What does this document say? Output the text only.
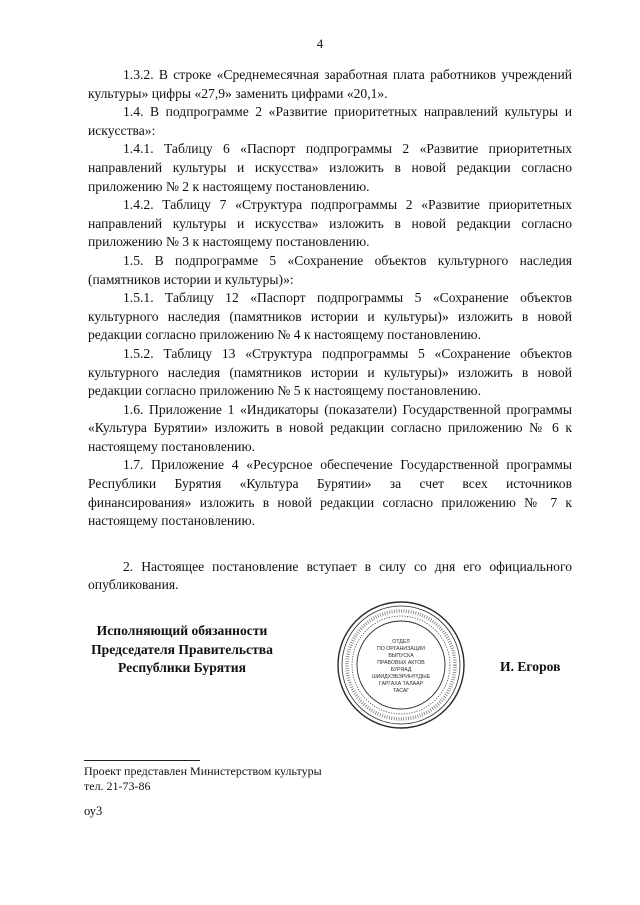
4

1.3.2. В строке «Среднемесячная заработная плата работников учреждений культуры» цифры «27,9» заменить цифрами «20,1».

1.4. В подпрограмме 2 «Развитие приоритетных направлений культуры и искусства»:

1.4.1. Таблицу 6 «Паспорт подпрограммы 2 «Развитие приоритетных направлений культуры и искусства» изложить в новой редакции согласно приложению № 2 к настоящему постановлению.

1.4.2. Таблицу 7 «Структура подпрограммы 2 «Развитие приоритетных направлений культуры и искусства» изложить в новой редакции согласно приложению № 3 к настоящему постановлению.

1.5. В подпрограмме 5 «Сохранение объектов культурного наследия (памятников истории и культуры)»:

1.5.1. Таблицу 12 «Паспорт подпрограммы 5 «Сохранение объектов культурного наследия (памятников истории и культуры)» изложить в новой редакции согласно приложению № 4 к настоящему постановлению.

1.5.2. Таблицу 13 «Структура подпрограммы 5 «Сохранение объектов культурного наследия (памятников истории и культуры)» изложить в новой редакции согласно приложению № 5 к настоящему постановлению.

1.6. Приложение 1 «Индикаторы (показатели) Государственной программы «Культура Бурятии» изложить в новой редакции согласно приложению № 6 к настоящему постановлению.

1.7. Приложение 4 «Ресурсное обеспечение Государственной программы Республики Бурятия «Культура Бурятии» за счет всех источников финансирования» изложить в новой редакции согласно приложению № 7 к настоящему постановлению.

2. Настоящее постановление вступает в силу со дня его официального опубликования.

Исполняющий обязанности
Председателя Правительства
Республики Бурятия
ОТДЕЛ
ПО ОРГАНИЗАЦИИ
ВЫПУСКА
ПРАВОВЫХ АКТОВ
БУРЯАД
ШИИДХЭБЭРИНҮҮДЫЕ
ГАРГАХА ТАЛААР
ТАСАГ
И. Егоров
Проект представлен Министерством культуры
тел. 21-73-86
оу3
